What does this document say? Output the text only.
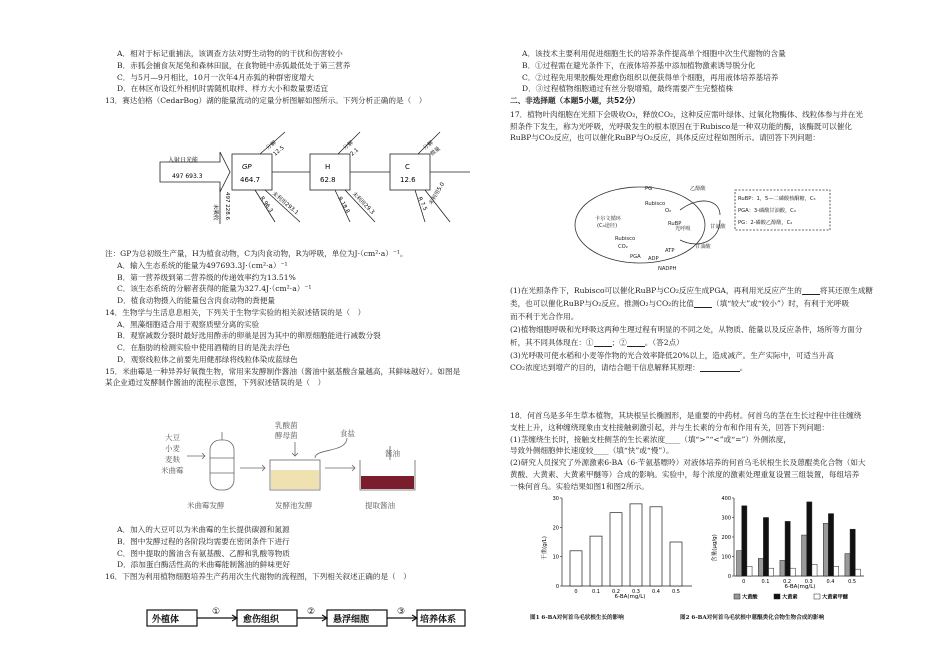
A．相对于标记重捕法，该调查方法对野生动物的的干扰和伤害较小
B．赤狐会捕食灰尾兔和森林田鼠，在食物链中赤狐最低处于第三营养
C．与5月—9月相比，10月一次年4月赤狐的种群密度增大
D．在林区布设红外相机时需随机取样、样方大小和数量要适宜
13．赛达伯格（CedarBog）湖的能量流动的定量分析图解如图所示。下列分析正确的是（　）
入射日光能
497 693.3
未吸收	497 228.6
GP
464.7
H
62.8
C
12.6
分解
12.5	分解
2.1
分解
微量
R 96.3
未利用293.1	R 18.8 未利用29.3	R 7.5 未利用5.0
注：GP为总初级生产量，H为植食动物，C为肉食动物，R为呼吸，单位为J·（cm²·a）⁻¹。
A．输入生态系统的能量为497693.3J·（cm²·a）⁻¹
B．第一营养级到第二营养级的传递效率约为13.51%
C．该生态系统的分解者获得的能量为327.4J·（cm²·a）⁻¹
D．植食动物摄入的能量包含肉食动物的粪便量
14．生物学与生活息息相关，下列关于生物学实验的相关叙述错误的是（　）
A．黑藻细胞适合用于观察质壁分离的实验
B．观察减数分裂时最好选用酢赤的卵巢是因为其中的卵原细胞能进行减数分裂
C．在脂肪的检测实验中使用酒精的目的是洗去浮色
D．观察线粒体之前要先用健那绿将线粒体染成蓝绿色
15．米曲霉是一种异养好氧微生物，常用来发酵制作酱油（酱油中氨基酸含量越高，其鲜味越好）。如图是
某企业通过发酵制作酱油的流程示意图，下列叙述错误的是（　）
大豆
小麦
麦麸
米曲霉
乳酸菌
酵母菌	食盐
酱油
米曲霉发酵	发酵池发酵	提取酱油
A．加入的大豆可以为米曲霉的生长提供碳源和氮源
B．图中发酵过程的各阶段均需要在密闭条件下进行
C．图中提取的酱油含有氨基酸、乙醇和乳酸等物质
D．添加蛋白酶活性高的米曲霉能制酱油的鲜味更好
16．下图为利用植物细胞培养生产药用次生代谢物的流程图，下列相关叙述正确的是（　）
外植体	愈伤组织	悬浮细胞	培养体系
①	②	③
A．该技术主要利用促进细胞生长的培养条件提高单个细胞中次生代谢物的含量
B．①过程需在避光条件下，在液体培养基中添加植物激素诱导脱分化
C．②过程先用果胶酶处理愈伤组织以便获得单个细胞，再用液体培养基培养
D．③过程植物细胞通过有丝分裂增殖，最终需要产生完整植株
二、非选择题（本题5小题，共52分）
17．植物叶肉细胞在光照下会吸收O₂，释放CO₂，这种反应需叶绿体、过氧化物酶体、线粒体参与并在光
照条件下发生，称为光呼吸，光呼吸发生的根本原因在于Rubisco是一种双功能的酶，该酶既可以催化
RuBP与CO₂反应，也可以催化RuBP与O₂反应，具体反应过程如图所示。请回答下列问题：
卡尔文循环
(C₃途径)
PG
Rubisco
Rubisco
O₂
CO₂
RuBP
PGA
乙醇酸
甘氨酸
甘油酸
光呼吸
ATP
ADP
NADPH
RuBP：1，5—二磷酸核酮糖，C₅
PGA：3-磷酸甘油酸，C₃
PG：2-磷酸乙醇酸，C₂
(1)在光照条件下，Rubisco可以催化RuBP与CO₂反应生成PGA，再利用光反应产生的 将其还原生成糖
类，也可以催化RuBP与O₂反应。推测O₂与CO₂的比值 （填“较大”或“较小”）时，有利于光呼吸
而不利于光合作用。
(2)植物细胞呼吸和光呼吸这两种生理过程有明显的不同之处，从物质、能量以及反应条件，场所等方面分
析，其不同具体现在：① ；② 。（答2点）
(3)光呼吸可使水稻和小麦等作物的光合效率降低20%以上，造成减产。生产实际中，可适当升高
CO₂浓度达到增产的目的，请结合题干信息解释其原理：	。
18．何首乌是多年生草本植物，其块根呈长椭圆形，是重要的中药材。何首乌的茎在生长过程中往往缠绕
支柱上升，这种缠绕现象由支柱接触刺激引起，并与生长素的分布和作用有关，回答下列问题：
(1)茎缠绕生长时，接触支柱侧茎的生长素浓度____（填“>”“<”或“=”）外侧浓度，
导致外侧细胞伸长速度较____（填“快”或“慢”）。
(2)研究人员探究了外源激素6-BA（6-苄氨基嘌呤）对液体培养的何首乌毛状根生长及蒽醌类化合物（如大
黄酸、大黄素、大黄素甲醚等）合成的影响。实验中，每个浓度的激素处理重复设置三组装置，每组培养
一株何首乌。实验结果如图1和图2所示。
干重(g/L)
6-BA(mg/L)
0
10
20
30
0	0.1 0.2 0.3 0.4 0.5
图1 6-BA对何首乌毛状根生长的影响
含量(μg/g)
6-BA(mg/L)
0
100
200
300
400
0	0.1	0.2	0.3	0.4	0.5
大黄酸	大黄素	大黄素甲醚
图2 6-BA对何首乌毛状根中蒽醌类化合物生物合成的影响
